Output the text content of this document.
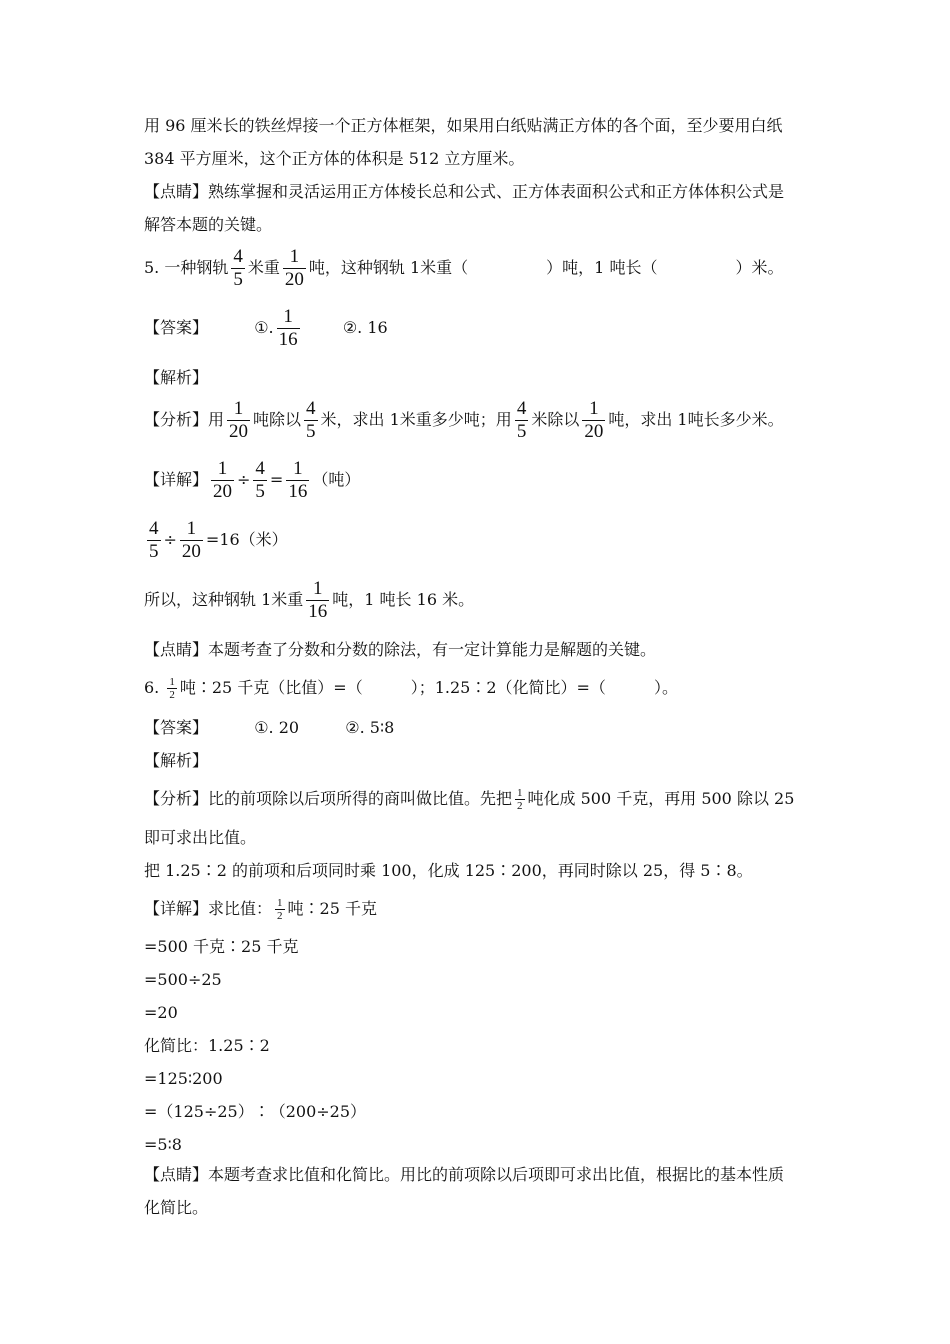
用 96 厘米长的铁丝焊接一个正方体框架，如果用白纸贴满正方体的各个面，至少要用白纸
384 平方厘米，这个正方体的体积是 512 立方厘米。
【点睛】熟练掌握和灵活运用正方体棱长总和公式、正方体表面积公式和正方体体积公式是
解答本题的关键。
5. 一种钢轨 $\frac{4}{5}$ 米重 $\frac{1}{20}$ 吨，这种钢轨 1米重（	）吨，1 吨长（	）米。
【答案】	①. $\frac{1}{16}$	②. 16
【解析】
【分析】用 $\frac{1}{20}$ 吨除以 $\frac{4}{5}$ 米，求出 1米重多少吨；用 $\frac{4}{5}$ 米除以 $\frac{1}{20}$ 吨，求出 1吨长多少米。
【详解】 $\frac{1}{20} \div \frac{4}{5} = \frac{1}{16}$ （吨）
$\frac{4}{5} \div \frac{1}{20} =16$（米）
所以，这种钢轨 1米重 $\frac{1}{16}$ 吨，1 吨长 16 米。
【点睛】本题考查了分数和分数的除法，有一定计算能力是解题的关键。
6. $\frac{1}{2}$ 吨∶25 千克（比值）=（	）；1.25∶2（化简比）=（	）。
【答案】	①. 20	②. 5∶8
【解析】
【分析】比的前项除以后项所得的商叫做比值。先把 $\frac{1}{2}$ 吨化成 500 千克，再用 500 除以 25
即可求出比值。
把 1.25∶2 的前项和后项同时乘 100，化成 125∶200，再同时除以 25，得 5∶8。
【详解】求比值： $\frac{1}{2}$ 吨∶25 千克
=500 千克∶25 千克
=500÷25
=20
化简比：1.25∶2
=125∶200
=（125÷25）∶（200÷25）
=5∶8
【点睛】本题考查求比值和化简比。用比的前项除以后项即可求出比值，根据比的基本性质
化简比。
